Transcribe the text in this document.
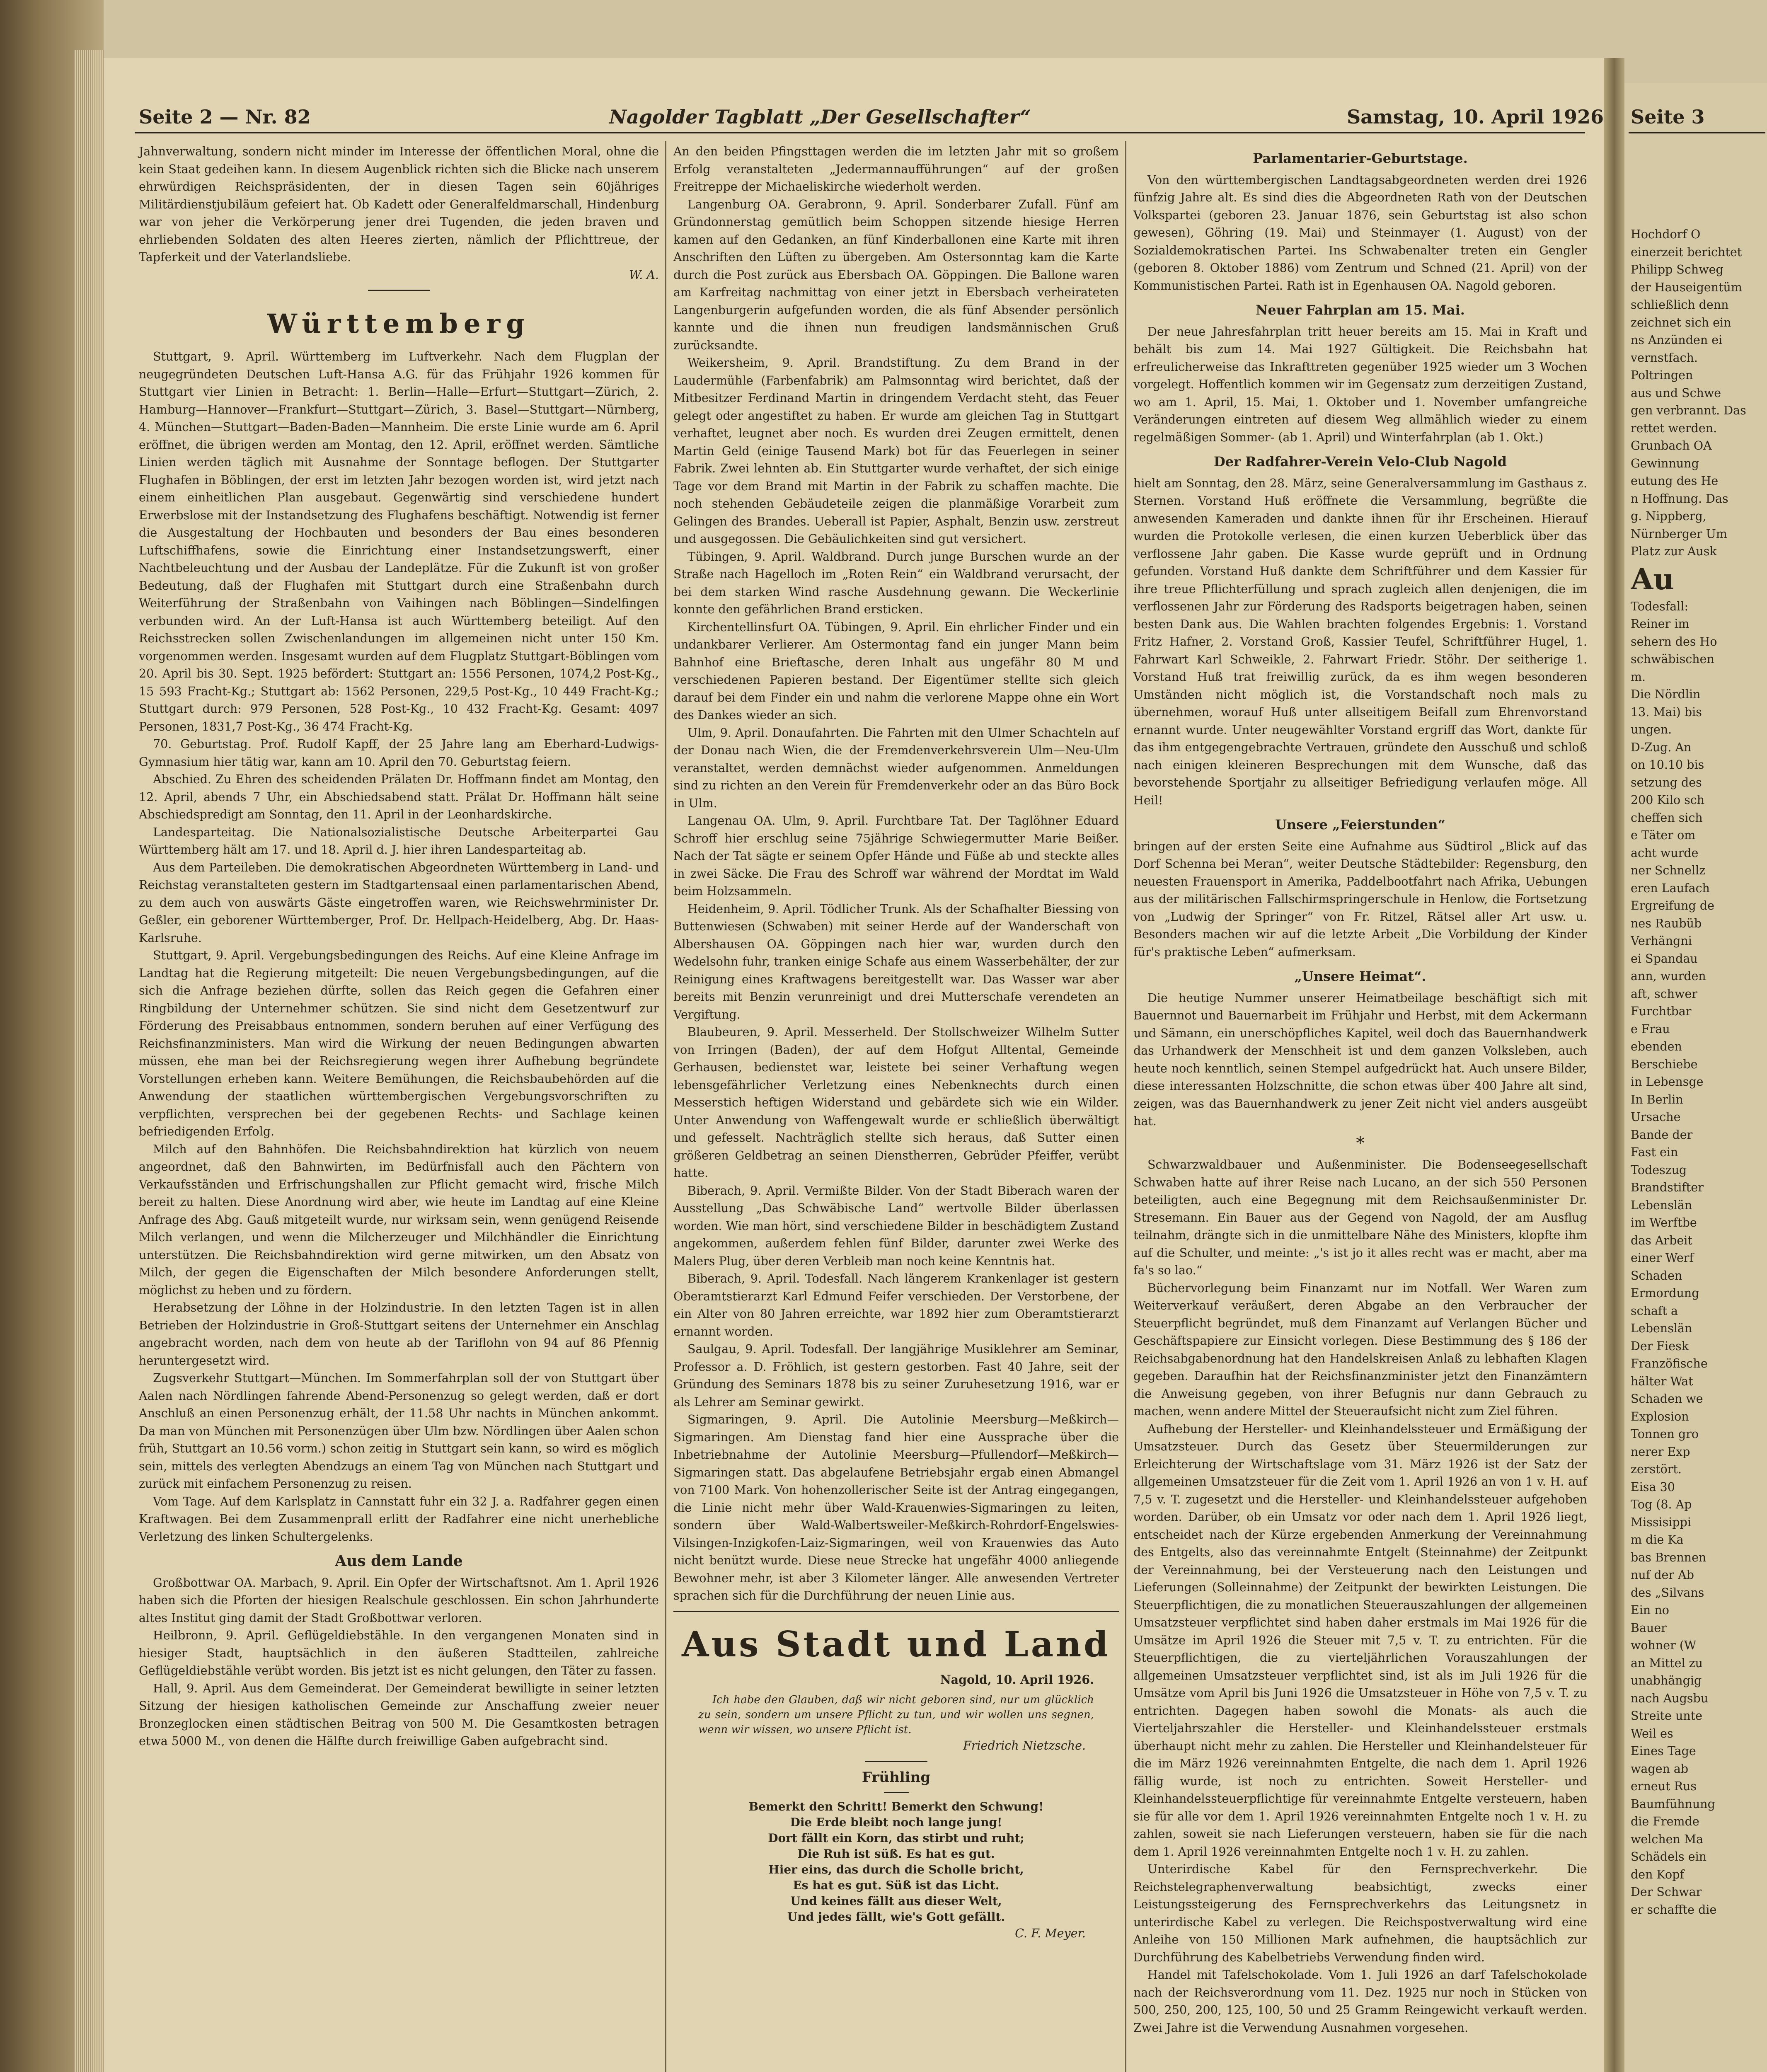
Seite 2 — Nr. 82	Nagolder Tagblatt „Der Gesellschafter“	Samstag, 10. April 1926

Jahnverwaltung, sondern nicht minder im Interesse der öffentlichen Moral, ohne die kein Staat gedeihen kann. In diesem Augenblick richten sich die Blicke nach unserem ehrwürdigen Reichspräsidenten, der in diesen Tagen sein 60jähriges Militärdienstjubiläum gefeiert hat. Ob Kadett oder Generalfeldmarschall, Hindenburg war von jeher die Verkörperung jener drei Tugenden, die jeden braven und ehrliebenden Soldaten des alten Heeres zierten, nämlich der Pflichttreue, der Tapferkeit und der Vaterlandsliebe.

W. A.
Württemberg

Stuttgart, 9. April. Württemberg im Luftverkehr. Nach dem Flugplan der neugegründeten Deutschen Luft-Hansa A.G. für das Frühjahr 1926 kommen für Stuttgart vier Linien in Betracht: 1. Berlin—Halle—Erfurt—Stuttgart—Zürich, 2. Hamburg—Hannover—Frankfurt—Stuttgart—Zürich, 3. Basel—Stuttgart—Nürnberg, 4. München—Stuttgart—Baden-Baden—Mannheim. Die erste Linie wurde am 6. April eröffnet, die übrigen werden am Montag, den 12. April, eröffnet werden. Sämtliche Linien werden täglich mit Ausnahme der Sonntage beflogen. Der Stuttgarter Flughafen in Böblingen, der erst im letzten Jahr bezogen worden ist, wird jetzt nach einem einheitlichen Plan ausgebaut. Gegenwärtig sind verschiedene hundert Erwerbslose mit der Instandsetzung des Flughafens beschäftigt. Notwendig ist ferner die Ausgestaltung der Hochbauten und besonders der Bau eines besonderen Luftschiffhafens, sowie die Einrichtung einer Instandsetzungswerft, einer Nachtbeleuchtung und der Ausbau der Landeplätze. Für die Zukunft ist von großer Bedeutung, daß der Flughafen mit Stuttgart durch eine Straßenbahn durch Weiterführung der Straßenbahn von Vaihingen nach Böblingen—Sindelfingen verbunden wird. An der Luft-Hansa ist auch Württemberg beteiligt. Auf den Reichsstrecken sollen Zwischenlandungen im allgemeinen nicht unter 150 Km. vorgenommen werden. Insgesamt wurden auf dem Flugplatz Stuttgart-Böblingen vom 20. April bis 30. Sept. 1925 befördert: Stuttgart an: 1556 Personen, 1074,2 Post-Kg., 15 593 Fracht-Kg.; Stuttgart ab: 1562 Personen, 229,5 Post-Kg., 10 449 Fracht-Kg.; Stuttgart durch: 979 Personen, 528 Post-Kg., 10 432 Fracht-Kg. Gesamt: 4097 Personen, 1831,7 Post-Kg., 36 474 Fracht-Kg.

70. Geburtstag. Prof. Rudolf Kapff, der 25 Jahre lang am Eberhard-Ludwigs-Gymnasium hier tätig war, kann am 10. April den 70. Geburtstag feiern.

Abschied. Zu Ehren des scheidenden Prälaten Dr. Hoffmann findet am Montag, den 12. April, abends 7 Uhr, ein Abschiedsabend statt. Prälat Dr. Hoffmann hält seine Abschiedspredigt am Sonntag, den 11. April in der Leonhardskirche.

Landesparteitag. Die Nationalsozialistische Deutsche Arbeiterpartei Gau Württemberg hält am 17. und 18. April d. J. hier ihren Landesparteitag ab.

Aus dem Parteileben. Die demokratischen Abgeordneten Württemberg in Land- und Reichstag veranstalteten gestern im Stadtgartensaal einen parlamentarischen Abend, zu dem auch von auswärts Gäste eingetroffen waren, wie Reichswehrminister Dr. Geßler, ein geborener Württemberger, Prof. Dr. Hellpach-Heidelberg, Abg. Dr. Haas-Karlsruhe.

Stuttgart, 9. April. Vergebungsbedingungen des Reichs. Auf eine Kleine Anfrage im Landtag hat die Regierung mitgeteilt: Die neuen Vergebungsbedingungen, auf die sich die Anfrage beziehen dürfte, sollen das Reich gegen die Gefahren einer Ringbildung der Unternehmer schützen. Sie sind nicht dem Gesetzentwurf zur Förderung des Preisabbaus entnommen, sondern beruhen auf einer Verfügung des Reichsfinanzministers. Man wird die Wirkung der neuen Bedingungen abwarten müssen, ehe man bei der Reichsregierung wegen ihrer Aufhebung begründete Vorstellungen erheben kann. Weitere Bemühungen, die Reichsbaubehörden auf die Anwendung der staatlichen württembergischen Vergebungsvorschriften zu verpflichten, versprechen bei der gegebenen Rechts- und Sachlage keinen befriedigenden Erfolg.

Milch auf den Bahnhöfen. Die Reichsbahndirektion hat kürzlich von neuem angeordnet, daß den Bahnwirten, im Bedürfnisfall auch den Pächtern von Verkaufsständen und Erfrischungshallen zur Pflicht gemacht wird, frische Milch bereit zu halten. Diese Anordnung wird aber, wie heute im Landtag auf eine Kleine Anfrage des Abg. Gauß mitgeteilt wurde, nur wirksam sein, wenn genügend Reisende Milch verlangen, und wenn die Milcherzeuger und Milchhändler die Einrichtung unterstützen. Die Reichsbahndirektion wird gerne mitwirken, um den Absatz von Milch, der gegen die Eigenschaften der Milch besondere Anforderungen stellt, möglichst zu heben und zu fördern.

Herabsetzung der Löhne in der Holzindustrie. In den letzten Tagen ist in allen Betrieben der Holzindustrie in Groß-Stuttgart seitens der Unternehmer ein Anschlag angebracht worden, nach dem von heute ab der Tariflohn von 94 auf 86 Pfennig heruntergesetzt wird.

Zugsverkehr Stuttgart—München. Im Sommerfahrplan soll der von Stuttgart über Aalen nach Nördlingen fahrende Abend-Personenzug so gelegt werden, daß er dort Anschluß an einen Personenzug erhält, der 11.58 Uhr nachts in München ankommt. Da man von München mit Personenzügen über Ulm bzw. Nördlingen über Aalen schon früh, Stuttgart an 10.56 vorm.) schon zeitig in Stuttgart sein kann, so wird es möglich sein, mittels des verlegten Abendzugs an einem Tag von München nach Stuttgart und zurück mit einfachem Personenzug zu reisen.

Vom Tage. Auf dem Karlsplatz in Cannstatt fuhr ein 32 J. a. Radfahrer gegen einen Kraftwagen. Bei dem Zusammenprall erlitt der Radfahrer eine nicht unerhebliche Verletzung des linken Schultergelenks.

Aus dem Lande

Großbottwar OA. Marbach, 9. April. Ein Opfer der Wirtschaftsnot. Am 1. April 1926 haben sich die Pforten der hiesigen Realschule geschlossen. Ein schon Jahrhunderte altes Institut ging damit der Stadt Großbottwar verloren.

Heilbronn, 9. April. Geflügeldiebstähle. In den vergangenen Monaten sind in hiesiger Stadt, hauptsächlich in den äußeren Stadtteilen, zahlreiche Geflügeldiebstähle verübt worden. Bis jetzt ist es nicht gelungen, den Täter zu fassen.

Hall, 9. April. Aus dem Gemeinderat. Der Gemeinderat bewilligte in seiner letzten Sitzung der hiesigen katholischen Gemeinde zur Anschaffung zweier neuer Bronzeglocken einen städtischen Beitrag von 500 M. Die Gesamtkosten betragen etwa 5000 M., von denen die Hälfte durch freiwillige Gaben aufgebracht sind.

An den beiden Pfingsttagen werden die im letzten Jahr mit so großem Erfolg veranstalteten „Jedermannaufführungen“ auf der großen Freitreppe der Michaeliskirche wiederholt werden.

Langenburg OA. Gerabronn, 9. April. Sonderbarer Zufall. Fünf am Gründonnerstag gemütlich beim Schoppen sitzende hiesige Herren kamen auf den Gedanken, an fünf Kinderballonen eine Karte mit ihren Anschriften den Lüften zu übergeben. Am Ostersonntag kam die Karte durch die Post zurück aus Ebersbach OA. Göppingen. Die Ballone waren am Karfreitag nachmittag von einer jetzt in Ebersbach verheirateten Langenburgerin aufgefunden worden, die als fünf Absender persönlich kannte und die ihnen nun freudigen landsmännischen Gruß zurücksandte.

Weikersheim, 9. April. Brandstiftung. Zu dem Brand in der Laudermühle (Farbenfabrik) am Palmsonntag wird berichtet, daß der Mitbesitzer Ferdinand Martin in dringendem Verdacht steht, das Feuer gelegt oder angestiftet zu haben. Er wurde am gleichen Tag in Stuttgart verhaftet, leugnet aber noch. Es wurden drei Zeugen ermittelt, denen Martin Geld (einige Tausend Mark) bot für das Feuerlegen in seiner Fabrik. Zwei lehnten ab. Ein Stuttgarter wurde verhaftet, der sich einige Tage vor dem Brand mit Martin in der Fabrik zu schaffen machte. Die noch stehenden Gebäudeteile zeigen die planmäßige Vorarbeit zum Gelingen des Brandes. Ueberall ist Papier, Asphalt, Benzin usw. zerstreut und ausgegossen. Die Gebäulichkeiten sind gut versichert.

Tübingen, 9. April. Waldbrand. Durch junge Burschen wurde an der Straße nach Hagelloch im „Roten Rein“ ein Waldbrand verursacht, der bei dem starken Wind rasche Ausdehnung gewann. Die Weckerlinie konnte den gefährlichen Brand ersticken.

Kirchentellinsfurt OA. Tübingen, 9. April. Ein ehrlicher Finder und ein undankbarer Verlierer. Am Ostermontag fand ein junger Mann beim Bahnhof eine Brieftasche, deren Inhalt aus ungefähr 80 M und verschiedenen Papieren bestand. Der Eigentümer stellte sich gleich darauf bei dem Finder ein und nahm die verlorene Mappe ohne ein Wort des Dankes wieder an sich.

Ulm, 9. April. Donaufahrten. Die Fahrten mit den Ulmer Schachteln auf der Donau nach Wien, die der Fremdenverkehrsverein Ulm—Neu-Ulm veranstaltet, werden demnächst wieder aufgenommen. Anmeldungen sind zu richten an den Verein für Fremdenverkehr oder an das Büro Bock in Ulm.

Langenau OA. Ulm, 9. April. Furchtbare Tat. Der Taglöhner Eduard Schroff hier erschlug seine 75jährige Schwiegermutter Marie Beißer. Nach der Tat sägte er seinem Opfer Hände und Füße ab und steckte alles in zwei Säcke. Die Frau des Schroff war während der Mordtat im Wald beim Holzsammeln.

Heidenheim, 9. April. Tödlicher Trunk. Als der Schafhalter Biessing von Buttenwiesen (Schwaben) mit seiner Herde auf der Wanderschaft von Albershausen OA. Göppingen nach hier war, wurden durch den Wedelsohn fuhr, tranken einige Schafe aus einem Wasserbehälter, der zur Reinigung eines Kraftwagens bereitgestellt war. Das Wasser war aber bereits mit Benzin verunreinigt und drei Mutterschafe verendeten an Vergiftung.

Blaubeuren, 9. April. Messerheld. Der Stollschweizer Wilhelm Sutter von Irringen (Baden), der auf dem Hofgut Alltental, Gemeinde Gerhausen, bedienstet war, leistete bei seiner Verhaftung wegen lebensgefährlicher Verletzung eines Nebenknechts durch einen Messerstich heftigen Widerstand und gebärdete sich wie ein Wilder. Unter Anwendung von Waffengewalt wurde er schließlich überwältigt und gefesselt. Nachträglich stellte sich heraus, daß Sutter einen größeren Geldbetrag an seinen Dienstherren, Gebrüder Pfeiffer, verübt hatte.

Biberach, 9. April. Vermißte Bilder. Von der Stadt Biberach waren der Ausstellung „Das Schwäbische Land“ wertvolle Bilder überlassen worden. Wie man hört, sind verschiedene Bilder in beschädigtem Zustand angekommen, außerdem fehlen fünf Bilder, darunter zwei Werke des Malers Plug, über deren Verbleib man noch keine Kenntnis hat.

Biberach, 9. April. Todesfall. Nach längerem Krankenlager ist gestern Oberamtstierarzt Karl Edmund Feifer verschieden. Der Verstorbene, der ein Alter von 80 Jahren erreichte, war 1892 hier zum Oberamtstierarzt ernannt worden.

Saulgau, 9. April. Todesfall. Der langjährige Musiklehrer am Seminar, Professor a. D. Fröhlich, ist gestern gestorben. Fast 40 Jahre, seit der Gründung des Seminars 1878 bis zu seiner Zuruhesetzung 1916, war er als Lehrer am Seminar gewirkt.

Sigmaringen, 9. April. Die Autolinie Meersburg—Meßkirch—Sigmaringen. Am Dienstag fand hier eine Aussprache über die Inbetriebnahme der Autolinie Meersburg—Pfullendorf—Meßkirch—Sigmaringen statt. Das abgelaufene Betriebsjahr ergab einen Abmangel von 7100 Mark. Von hohenzollerischer Seite ist der Antrag eingegangen, die Linie nicht mehr über Wald-Krauenwies-Sigmaringen zu leiten, sondern über Wald-Walbertsweiler-Meßkirch-Rohrdorf-Engelswies-Vilsingen-Inzigkofen-Laiz-Sigmaringen, weil von Krauenwies das Auto nicht benützt wurde. Diese neue Strecke hat ungefähr 4000 anliegende Bewohner mehr, ist aber 3 Kilometer länger. Alle anwesenden Vertreter sprachen sich für die Durchführung der neuen Linie aus.

Aus Stadt und Land
Nagold, 10. April 1926.

Ich habe den Glauben, daß wir nicht geboren sind, nur um glücklich zu sein, sondern um unsere Pflicht zu tun, und wir wollen uns segnen, wenn wir wissen, wo unsere Pflicht ist.

Friedrich Nietzsche.
Frühling
Bemerkt den Schritt! Bemerkt den Schwung!
Die Erde bleibt noch lange jung!
Dort fällt ein Korn, das stirbt und ruht;
Die Ruh ist süß. Es hat es gut.
Hier eins, das durch die Scholle bricht,
Es hat es gut. Süß ist das Licht.
Und keines fällt aus dieser Welt,
Und jedes fällt, wie's Gott gefällt.
C. F. Meyer.
Parlamentarier-Geburtstage.

Von den württembergischen Landtagsabgeordneten werden drei 1926 fünfzig Jahre alt. Es sind dies die Abgeordneten Rath von der Deutschen Volkspartei (geboren 23. Januar 1876, sein Geburtstag ist also schon gewesen), Göhring (19. Mai) und Steinmayer (1. August) von der Sozialdemokratischen Partei. Ins Schwabenalter treten ein Gengler (geboren 8. Oktober 1886) vom Zentrum und Schned (21. April) von der Kommunistischen Partei. Rath ist in Egenhausen OA. Nagold geboren.

Neuer Fahrplan am 15. Mai.

Der neue Jahresfahrplan tritt heuer bereits am 15. Mai in Kraft und behält bis zum 14. Mai 1927 Gültigkeit. Die Reichsbahn hat erfreulicherweise das Inkrafttreten gegenüber 1925 wieder um 3 Wochen vorgelegt. Hoffentlich kommen wir im Gegensatz zum derzeitigen Zustand, wo am 1. April, 15. Mai, 1. Oktober und 1. November umfangreiche Veränderungen eintreten auf diesem Weg allmählich wieder zu einem regelmäßigen Sommer- (ab 1. April) und Winterfahrplan (ab 1. Okt.)

Der Radfahrer-Verein Velo-Club Nagold

hielt am Sonntag, den 28. März, seine Generalversammlung im Gasthaus z. Sternen. Vorstand Huß eröffnete die Versammlung, begrüßte die anwesenden Kameraden und dankte ihnen für ihr Erscheinen. Hierauf wurden die Protokolle verlesen, die einen kurzen Ueberblick über das verflossene Jahr gaben. Die Kasse wurde geprüft und in Ordnung gefunden. Vorstand Huß dankte dem Schriftführer und dem Kassier für ihre treue Pflichterfüllung und sprach zugleich allen denjenigen, die im verflossenen Jahr zur Förderung des Radsports beigetragen haben, seinen besten Dank aus. Die Wahlen brachten folgendes Ergebnis: 1. Vorstand Fritz Hafner, 2. Vorstand Groß, Kassier Teufel, Schriftführer Hugel, 1. Fahrwart Karl Schweikle, 2. Fahrwart Friedr. Stöhr. Der seitherige 1. Vorstand Huß trat freiwillig zurück, da es ihm wegen besonderen Umständen nicht möglich ist, die Vorstandschaft noch mals zu übernehmen, worauf Huß unter allseitigem Beifall zum Ehrenvorstand ernannt wurde. Unter neugewählter Vorstand ergriff das Wort, dankte für das ihm entgegengebrachte Vertrauen, gründete den Ausschuß und schloß nach einigen kleineren Besprechungen mit dem Wunsche, daß das bevorstehende Sportjahr zu allseitiger Befriedigung verlaufen möge. All Heil!

Unsere „Feierstunden“

bringen auf der ersten Seite eine Aufnahme aus Südtirol „Blick auf das Dorf Schenna bei Meran“, weiter Deutsche Städtebilder: Regensburg, den neuesten Frauensport in Amerika, Paddelbootfahrt nach Afrika, Uebungen aus der militärischen Fallschirmspringerschule in Henlow, die Fortsetzung von „Ludwig der Springer“ von Fr. Ritzel, Rätsel aller Art usw. u. Besonders machen wir auf die letzte Arbeit „Die Vorbildung der Kinder für's praktische Leben“ aufmerksam.

„Unsere Heimat“.

Die heutige Nummer unserer Heimatbeilage beschäftigt sich mit Bauernnot und Bauernarbeit im Frühjahr und Herbst, mit dem Ackermann und Sämann, ein unerschöpfliches Kapitel, weil doch das Bauernhandwerk das Urhandwerk der Menschheit ist und dem ganzen Volksleben, auch heute noch kenntlich, seinen Stempel aufgedrückt hat. Auch unsere Bilder, diese interessanten Holzschnitte, die schon etwas über 400 Jahre alt sind, zeigen, was das Bauernhandwerk zu jener Zeit nicht viel anders ausgeübt hat.

*

Schwarzwaldbauer und Außenminister. Die Bodenseegesellschaft Schwaben hatte auf ihrer Reise nach Lucano, an der sich 550 Personen beteiligten, auch eine Begegnung mit dem Reichsaußenminister Dr. Stresemann. Ein Bauer aus der Gegend von Nagold, der am Ausflug teilnahm, drängte sich in die unmittelbare Nähe des Ministers, klopfte ihm auf die Schulter, und meinte: „'s ist jo it alles recht was er macht, aber ma fa's so lao.“

Büchervorlegung beim Finanzamt nur im Notfall. Wer Waren zum Weiterverkauf veräußert, deren Abgabe an den Verbraucher der Steuerpflicht begründet, muß dem Finanzamt auf Verlangen Bücher und Geschäftspapiere zur Einsicht vorlegen. Diese Bestimmung des § 186 der Reichsabgabenordnung hat den Handelskreisen Anlaß zu lebhaften Klagen gegeben. Daraufhin hat der Reichsfinanzminister jetzt den Finanzämtern die Anweisung gegeben, von ihrer Befugnis nur dann Gebrauch zu machen, wenn andere Mittel der Steueraufsicht nicht zum Ziel führen.

Aufhebung der Hersteller- und Kleinhandelssteuer und Ermäßigung der Umsatzsteuer. Durch das Gesetz über Steuermilderungen zur Erleichterung der Wirtschaftslage vom 31. März 1926 ist der Satz der allgemeinen Umsatzsteuer für die Zeit vom 1. April 1926 an von 1 v. H. auf 7,5 v. T. zugesetzt und die Hersteller- und Kleinhandelssteuer aufgehoben worden. Darüber, ob ein Umsatz vor oder nach dem 1. April 1926 liegt, entscheidet nach der Kürze ergebenden Anmerkung der Vereinnahmung des Entgelts, also das vereinnahmte Entgelt (Steinnahme) der Zeitpunkt der Vereinnahmung, bei der Versteuerung nach den Leistungen und Lieferungen (Solleinnahme) der Zeitpunkt der bewirkten Leistungen. Die Steuerpflichtigen, die zu monatlichen Steuerauszahlungen der allgemeinen Umsatzsteuer verpflichtet sind haben daher erstmals im Mai 1926 für die Umsätze im April 1926 die Steuer mit 7,5 v. T. zu entrichten. Für die Steuerpflichtigen, die zu vierteljährlichen Vorauszahlungen der allgemeinen Umsatzsteuer verpflichtet sind, ist als im Juli 1926 für die Umsätze vom April bis Juni 1926 die Umsatzsteuer in Höhe von 7,5 v. T. zu entrichten. Dagegen haben sowohl die Monats- als auch die Vierteljahrszahler die Hersteller- und Kleinhandelssteuer erstmals überhaupt nicht mehr zu zahlen. Die Hersteller und Kleinhandelsteuer für die im März 1926 vereinnahmten Entgelte, die nach dem 1. April 1926 fällig wurde, ist noch zu entrichten. Soweit Hersteller- und Kleinhandelssteuerpflichtige für vereinnahmte Entgelte versteuern, haben sie für alle vor dem 1. April 1926 vereinnahmten Entgelte noch 1 v. H. zu zahlen, soweit sie nach Lieferungen versteuern, haben sie für die nach dem 1. April 1926 vereinnahmten Entgelte noch 1 v. H. zu zahlen.

Unterirdische Kabel für den Fernsprechverkehr. Die Reichstelegraphenverwaltung beabsichtigt, zwecks einer Leistungssteigerung des Fernsprechverkehrs das Leitungsnetz in unterirdische Kabel zu verlegen. Die Reichspostverwaltung wird eine Anleihe von 150 Millionen Mark aufnehmen, die hauptsächlich zur Durchführung des Kabelbetriebs Verwendung finden wird.

Handel mit Tafelschokolade. Vom 1. Juli 1926 an darf Tafelschokolade nach der Reichsverordnung vom 11. Dez. 1925 nur noch in Stücken von 500, 250, 200, 125, 100, 50 und 25 Gramm Reingewicht verkauft werden. Zwei Jahre ist die Verwendung Ausnahmen vorgesehen.

Seite 3
Hochdorf O
einerzeit berichtet
Philipp Schweg
der Hauseigentüm
schließlich denn
zeichnet sich ein
ns Anzünden ei
vernstfach.
Poltringen
aus und Schwe
gen verbrannt. Das
rettet werden.
Grunbach OA
Gewinnung
eutung des He
n Hoffnung. Das
g. Nippberg,
Nürnberger Um
Platz zur Ausk
Au
Todesfall:
Reiner im
sehern des Ho
schwäbischen
m.
Die Nördlin
13. Mai) bis
ungen.
D-Zug. An
on 10.10 bis
setzung des
200 Kilo sch
cheffen sich
e Täter om
acht wurde
ner Schnellz
eren Laufach
Ergreifung de
nes Raubüb
Verhängni
ei Spandau
ann, wurden
aft, schwer
Furchtbar
e Frau
ebenden
Berschiebe
in Lebensge
In Berlin
Ursache
Bande der
Fast ein
Todeszug
Brandstifter
Lebenslän
im Werftbe
das Arbeit
einer Werf
Schaden
Ermordung
schaft a
Lebenslän
Der Fiesk
Franzöfische
hälter Wat
Schaden we
Explosion
Tonnen gro
nerer Exp
zerstört.
Eisa 30
Tog (8. Ap
Missisippi
m die Ka
bas Brennen
nuf der Ab
des „Silvans
Ein no
Bauer
wohner (W
an Mittel zu
unabhängig
nach Augsbu
Streite unte
Weil es
Eines Tage
wagen ab
erneut Rus
Baumfühnung
die Fremde
welchen Ma
Schädels ein
den Kopf
Der Schwar
er schaffte die
